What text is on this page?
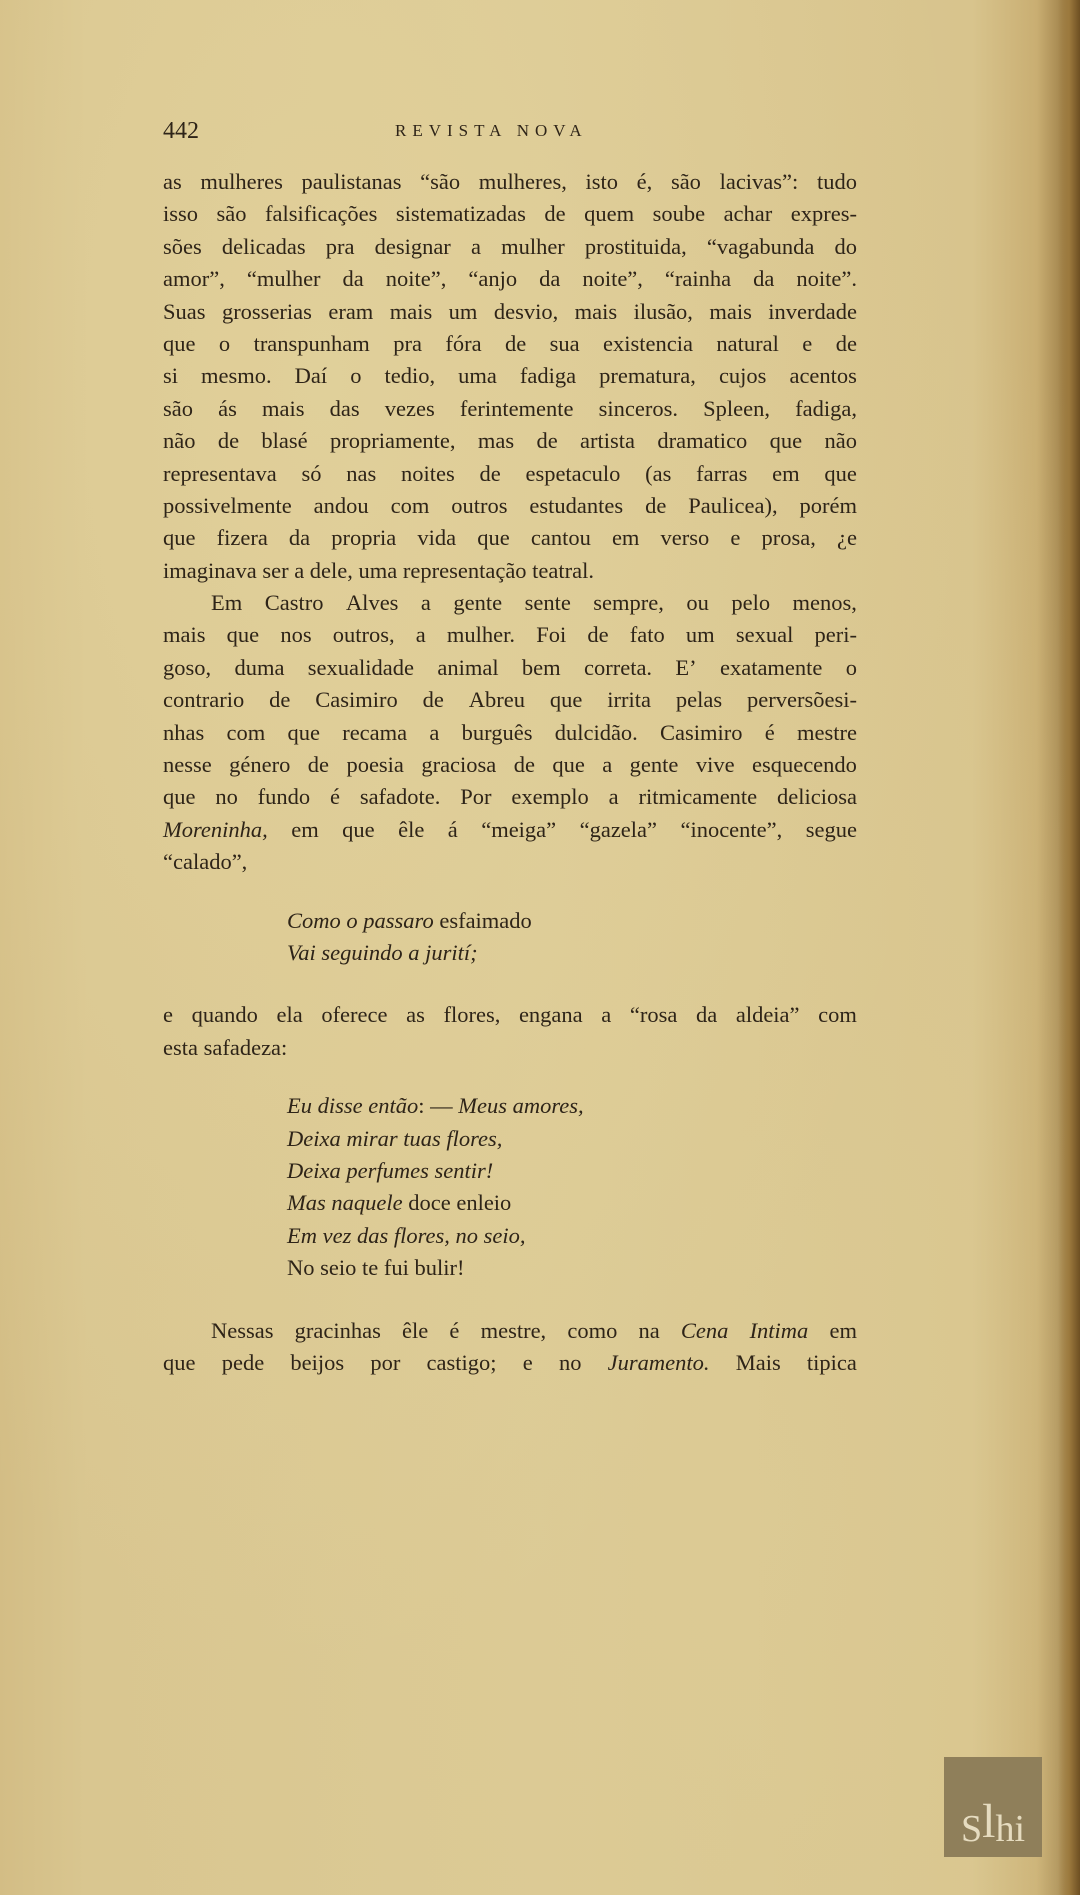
442	REVISTA NOVA
as mulheres paulistanas “são mulheres, isto é, são lacivas”: tudo
isso são falsificações sistematizadas de quem soube achar expres-
sões delicadas pra designar a mulher prostituida, “vagabunda do
amor”, “mulher da noite”, “anjo da noite”, “rainha da noite”.
Suas grosserias eram mais um desvio, mais ilusão, mais inverdade
que o transpunham pra fóra de sua existencia natural e de
si mesmo. Daí o tedio, uma fadiga prematura, cujos acentos
são ás mais das vezes ferintemente sinceros. Spleen, fadiga,
não de blasé propriamente, mas de artista dramatico que não
representava só nas noites de espetaculo (as farras em que
possivelmente andou com outros estudantes de Paulicea), porém
que fizera da propria vida que cantou em verso e prosa, ¿e
imaginava ser a dele, uma representação teatral.
Em Castro Alves a gente sente sempre, ou pelo menos,
mais que nos outros, a mulher. Foi de fato um sexual peri-
goso, duma sexualidade animal bem correta. E’ exatamente o
contrario de Casimiro de Abreu que irrita pelas perversõesi-
nhas com que recama a burguês dulcidão. Casimiro é mestre
nesse género de poesia graciosa de que a gente vive esquecendo
que no fundo é safadote. Por exemplo a ritmicamente deliciosa
Moreninha, em que êle á “meiga” “gazela” “inocente”, segue
“calado”,
Como o passaro esfaimado
Vai seguindo a jurití;
e quando ela oferece as flores, engana a “rosa da aldeia” com
esta safadeza:
Eu disse então: — Meus amores,
Deixa mirar tuas flores,
Deixa perfumes sentir!
Mas naquele doce enleio
Em vez das flores, no seio,
No seio te fui bulir!
Nessas gracinhas êle é mestre, como na Cena Intima em
que pede beijos por castigo; e no Juramento. Mais tipica
S l hi
